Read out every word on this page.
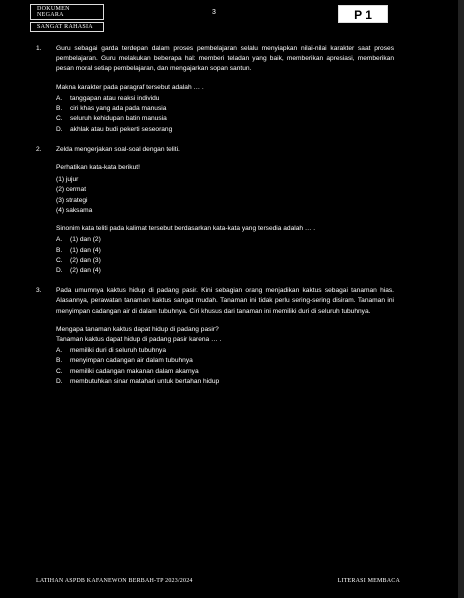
DOKUMEN NEGARA
SANGAT RAHASIA
3	P 1
1.	Guru sebagai garda terdepan dalam proses pembelajaran selalu menyiapkan nilai-nilai karakter saat proses pembelajaran. Guru melakukan beberapa hal: memberi teladan yang baik, memberikan apresiasi, memberikan pesan moral setiap pembelajaran, dan mengajarkan sopan santun.
Makna karakter pada paragraf tersebut adalah … .
A.	tanggapan atau reaksi individu
B.	ciri khas yang ada pada manusia
C.	seluruh kehidupan batin manusia
D.	akhlak atau budi pekerti seseorang
2.	Zelda mengerjakan soal-soal dengan teliti.
Perhatikan kata-kata berikut!
(1) jujur
(2) cermat
(3) strategi
(4) saksama
Sinonim kata teliti pada kalimat tersebut berdasarkan kata-kata yang tersedia adalah … .
A.	(1) dan (2)
B.	(1) dan (4)
C.	(2) dan (3)
D.	(2) dan (4)
3.	Pada umumnya kaktus hidup di padang pasir. Kini sebagian orang menjadikan kaktus sebagai tanaman hias. Alasannya, perawatan tanaman kaktus sangat mudah. Tanaman ini tidak perlu sering-sering disiram. Tanaman ini menyimpan cadangan air di dalam tubuhnya. Ciri khusus dari tanaman ini memiliki duri di seluruh tubuhnya.
Mengapa tanaman kaktus dapat hidup di padang pasir?
Tanaman kaktus dapat hidup di padang pasir karena … .
A.	memiliki duri di seluruh tubuhnya
B.	menyimpan cadangan air dalam tubuhnya
C.	memiliki cadangan makanan dalam akarnya
D.	membutuhkan sinar matahari untuk bertahan hidup
LATIHAN ASPDB KAFANEWON BERBAH-TP 2023/2024	LITERASI MEMBACA
